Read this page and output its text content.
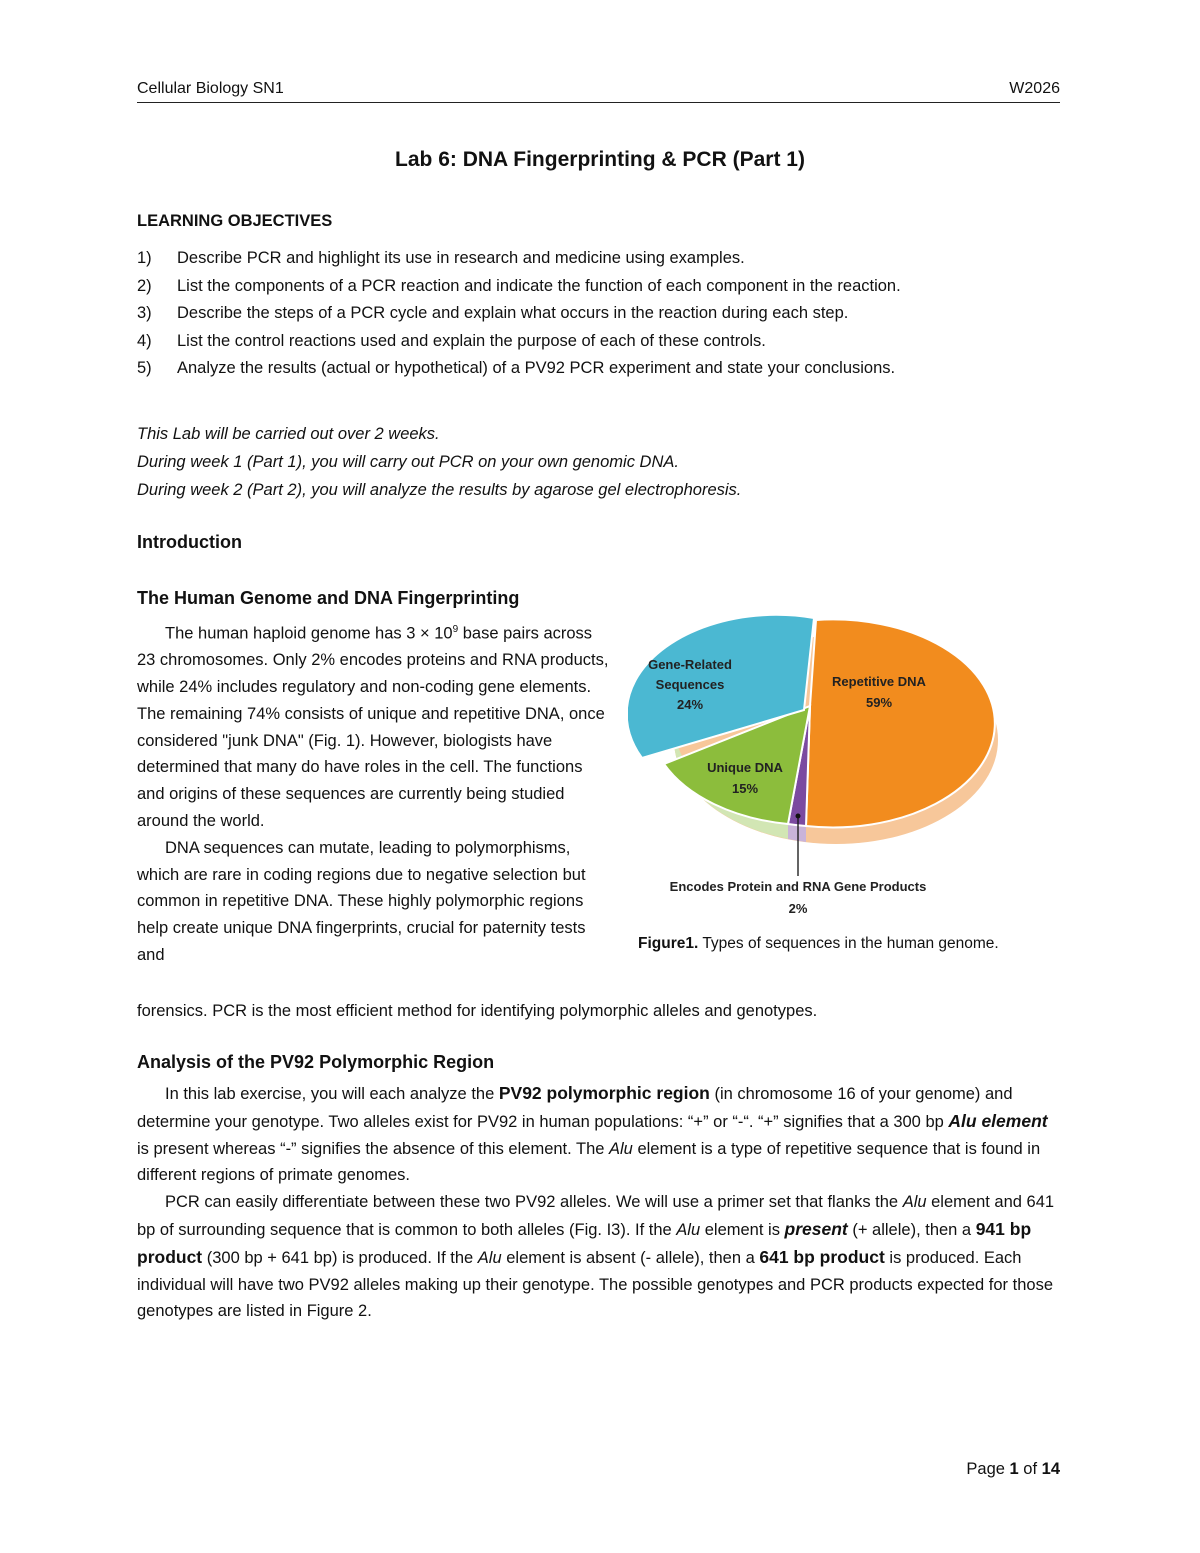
Cellular Biology SN1	W2026
Lab 6: DNA Fingerprinting & PCR (Part 1)
LEARNING OBJECTIVES
1)	Describe PCR and highlight its use in research and medicine using examples.
2)	List the components of a PCR reaction and indicate the function of each component in the reaction.
3)	Describe the steps of a PCR cycle and explain what occurs in the reaction during each step.
4)	List the control reactions used and explain the purpose of each of these controls.
5)	Analyze the results (actual or hypothetical) of a PV92 PCR experiment and state your conclusions.
This Lab will be carried out over 2 weeks.
During week 1 (Part 1), you will carry out PCR on your own genomic DNA.
During week 2 (Part 2), you will analyze the results by agarose gel electrophoresis.
Introduction
The Human Genome and DNA Fingerprinting
The human haploid genome has $3 \times 10^9$ base pairs across 23 chromosomes. Only 2% encodes proteins and RNA products, while 24% includes regulatory and non-coding gene elements. The remaining 74% consists of unique and repetitive DNA, once considered "junk DNA" (Fig. 1). However, biologists have determined that many do have roles in the cell. The functions and origins of these sequences are currently being studied around the world.
DNA sequences can mutate, leading to polymorphisms, which are rare in coding regions due to negative selection but common in repetitive DNA. These highly polymorphic regions help create unique DNA fingerprints, crucial for paternity tests and
forensics. PCR is the most efficient method for identifying polymorphic alleles and genotypes.
Gene-Related
Sequences
24%
Repetitive DNA
59%
Unique DNA
15%
Encodes Protein and RNA Gene Products
2%
Figure1. Types of sequences in the human genome.
Analysis of the PV92 Polymorphic Region
In this lab exercise, you will each analyze the PV92 polymorphic region (in chromosome 16 of your genome) and determine your genotype. Two alleles exist for PV92 in human populations: “+” or “-“. “+” signifies that a 300 bp Alu element is present whereas “-” signifies the absence of this element. The Alu element is a type of repetitive sequence that is found in different regions of primate genomes.
PCR can easily differentiate between these two PV92 alleles. We will use a primer set that flanks the Alu element and 641 bp of surrounding sequence that is common to both alleles (Fig. I3). If the Alu element is present (+ allele), then a 941 bp product (300 bp + 641 bp) is produced. If the Alu element is absent (- allele), then a 641 bp product is produced. Each individual will have two PV92 alleles making up their genotype. The possible genotypes and PCR products expected for those genotypes are listed in Figure 2.
Page 1 of 14
